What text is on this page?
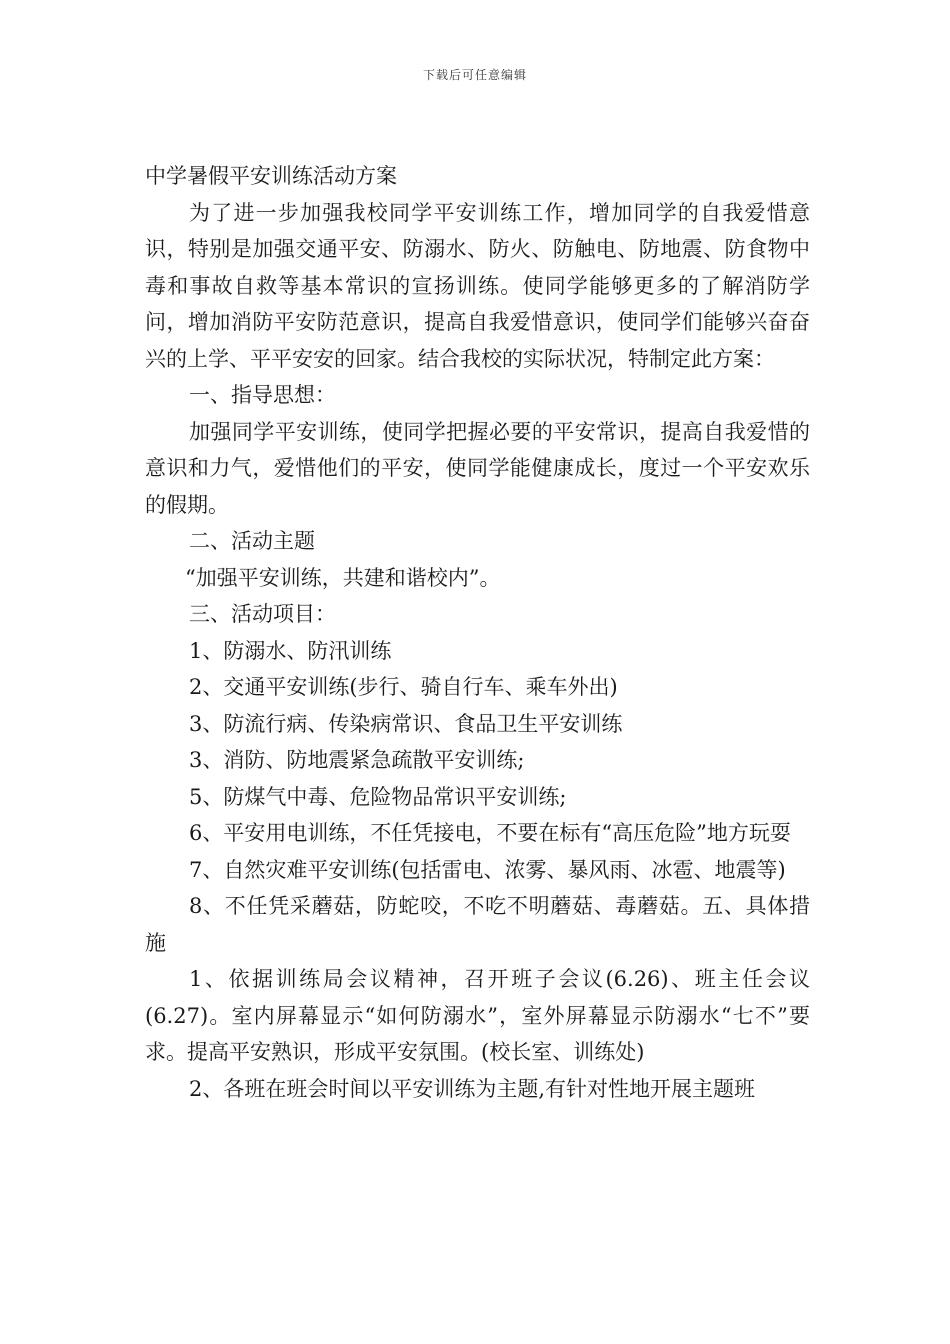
下载后可任意编辑

中学暑假平安训练活动方案

为了进一步加强我校同学平安训练工作，增加同学的自我爱惜意识，特别是加强交通平安、防溺水、防火、防触电、防地震、防食物中毒和事故自救等基本常识的宣扬训练。使同学能够更多的了解消防学问，增加消防平安防范意识，提高自我爱惜意识，使同学们能够兴奋奋兴的上学、平平安安的回家。结合我校的实际状况，特制定此方案：

一、指导思想：

加强同学平安训练，使同学把握必要的平安常识，提高自我爱惜的意识和力气，爱惜他们的平安，使同学能健康成长，度过一个平安欢乐的假期。

二、活动主题

“加强平安训练，共建和谐校内”。

三、活动项目：

1、防溺水、防汛训练

2、交通平安训练(步行、骑自行车、乘车外出)

3、防流行病、传染病常识、食品卫生平安训练

3、消防、防地震紧急疏散平安训练;

5、防煤气中毒、危险物品常识平安训练;

6、平安用电训练，不任凭接电，不要在标有“高压危险”地方玩耍

7、自然灾难平安训练(包括雷电、浓雾、暴风雨、冰雹、地震等)

8、不任凭采蘑菇，防蛇咬，不吃不明蘑菇、毒蘑菇。五、具体措施

1、依据训练局会议精神，召开班子会议(6.26)、班主任会议(6.27)。室内屏幕显示“如何防溺水”，室外屏幕显示防溺水“七不”要求。提高平安熟识，形成平安氛围。(校长室、训练处)

2、各班在班会时间以平安训练为主题,有针对性地开展主题班
